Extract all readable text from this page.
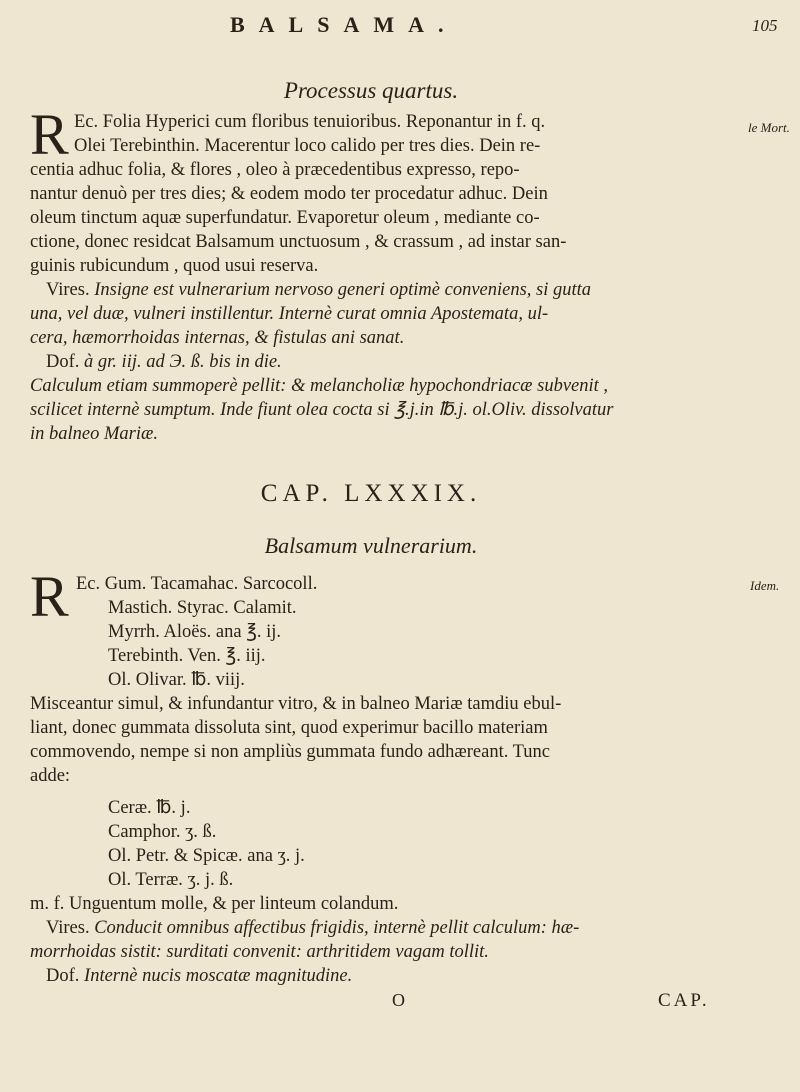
BALSAMA.	105
Processus quartus.
R	le Mort.
Ec. Folia Hyperici cum floribus tenuioribus. Reponantur in f. q.
Olei Terebinthin. Macerentur loco calido per tres dies. Dein re-
centia adhuc folia, & flores , oleo à præcedentibus expresso, repo-
nantur denuò per tres dies; & eodem modo ter procedatur adhuc. Dein
oleum tinctum aquæ superfundatur. Evaporetur oleum , mediante co-
ctione, donec residcat Balsamum unctuosum , & crassum , ad instar san-
guinis rubicundum , quod usui reserva.
Vires. Insigne est vulnerarium nervoso generi optimè conveniens, si gutta
una, vel duæ, vulneri instillentur. Internè curat omnia Apostemata, ul-
cera, hæmorrhoidas internas, & fistulas ani sanat.
Dof. à gr. iij. ad Э. ß. bis in die.
Calculum etiam summoperè pellit: & melancholiæ hypochondriacæ subvenit ,
scilicet internè sumptum. Inde fiunt olea cocta si ℥.j.in ℔.j. ol.Oliv. dissolvatur
in balneo Mariæ.
CAP. LXXXIX.
Balsamum vulnerarium.
R	Idem.
Ec. Gum. Tacamahac. Sarcocoll.
Mastich. Styrac. Calamit.
Myrrh. Aloës. ana ℥. ij.
Terebinth. Ven. ℥. iij.
Ol. Olivar. ℔. viij.
Misceantur simul, & infundantur vitro, & in balneo Mariæ tamdiu ebul-
liant, donec gummata dissoluta sint, quod experimur bacillo materiam
commovendo, nempe si non ampliùs gummata fundo adhæreant. Tunc
adde:
Ceræ. ℔. j.
Camphor. ʒ. ß.
Ol. Petr. & Spicæ. ana ʒ. j.
Ol. Terræ. ʒ. j. ß.
m. f. Unguentum molle, & per linteum colandum.
Vires. Conducit omnibus affectibus frigidis, internè pellit calculum: hæ-
morrhoidas sistit: surditati convenit: arthritidem vagam tollit.
Dof. Internè nucis moscatæ magnitudine.
O	CAP.
